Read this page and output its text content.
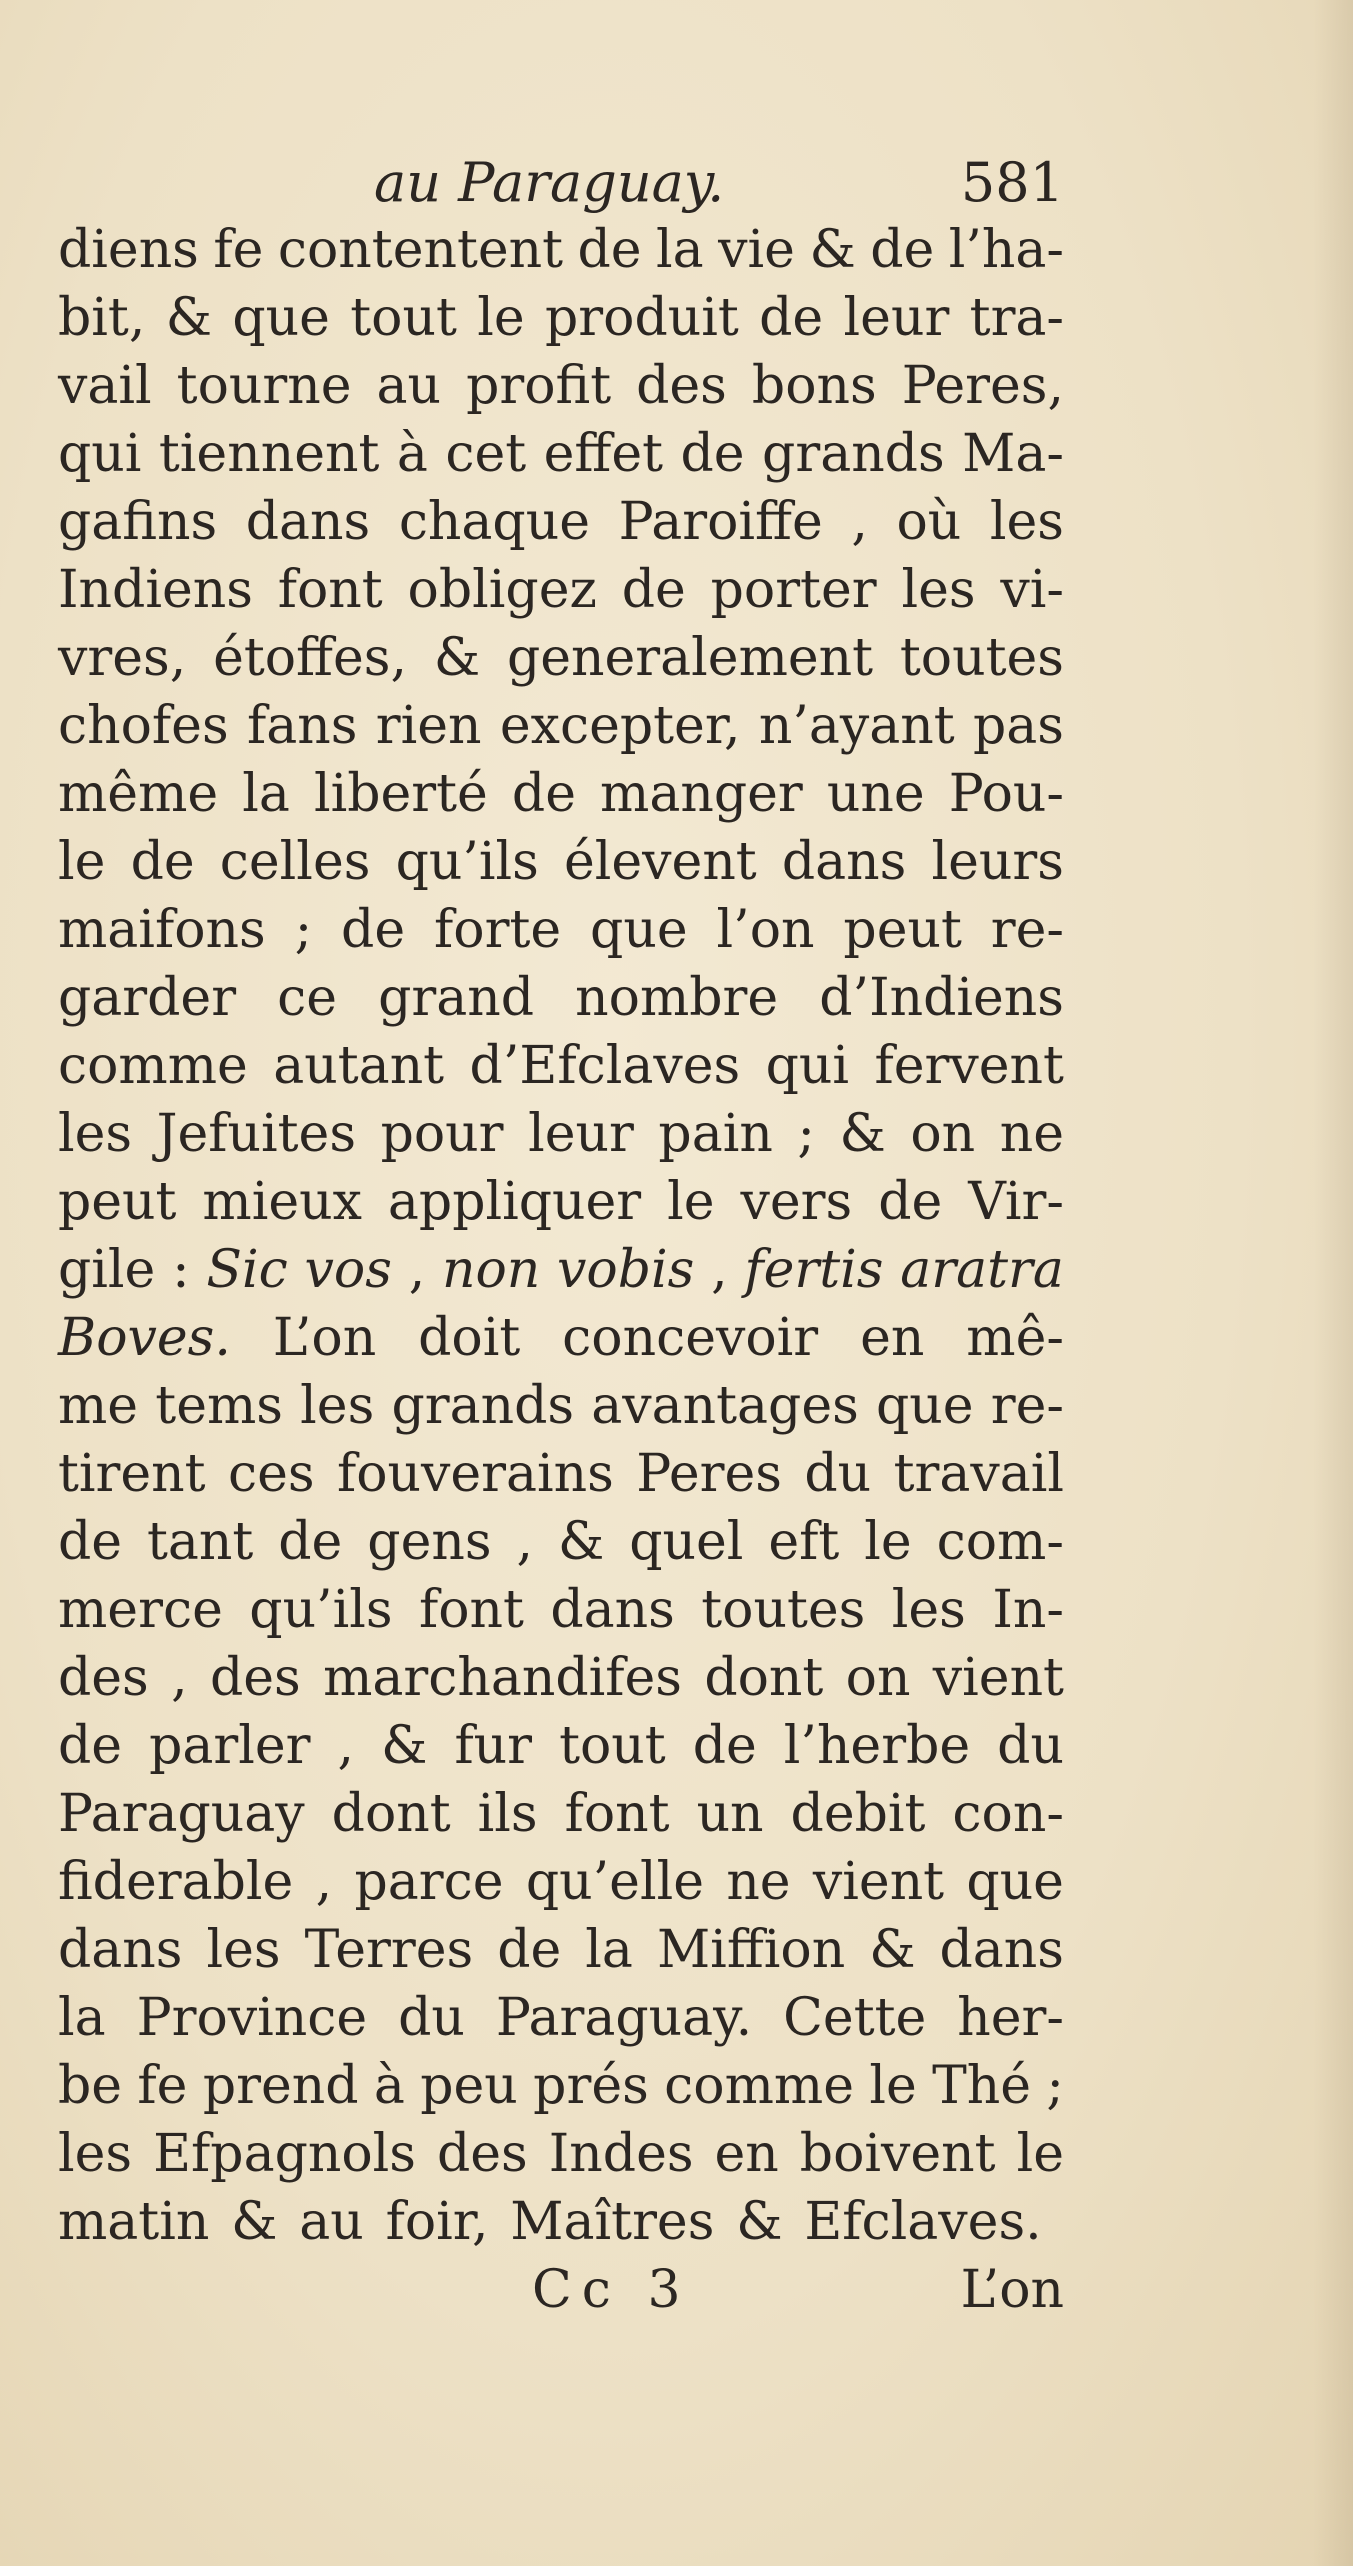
au Paraguay.	581
diens fe contentent de la vie & de l’ha-
bit, & que tout le produit de leur tra-
vail tourne au profit des bons Peres,
qui tiennent à cet effet de grands Ma-
gafins dans chaque Paroiffe , où les
Indiens font obligez de porter les vi-
vres, étoffes, & generalement toutes
chofes fans rien excepter, n’ayant pas
même la liberté de manger une Pou-
le de celles qu’ils élevent dans leurs
maifons ; de forte que l’on peut re-
garder ce grand nombre d’Indiens
comme autant d’Efclaves qui fervent
les Jefuites pour leur pain ; & on ne
peut mieux appliquer le vers de Vir-
gile : Sic vos , non vobis , fertis aratra
Boves. L’on doit concevoir en mê-
me tems les grands avantages que re-
tirent ces fouverains Peres du travail
de tant de gens , & quel eft le com-
merce qu’ils font dans toutes les In-
des , des marchandifes dont on vient
de parler , & fur tout de l’herbe du
Paraguay dont ils font un debit con-
fiderable , parce qu’elle ne vient que
dans les Terres de la Miffion & dans
la Province du Paraguay. Cette her-
be fe prend à peu prés comme le Thé ;
les Efpagnols des Indes en boivent le
matin & au foir, Maîtres & Efclaves.
Cc 3	L’on
